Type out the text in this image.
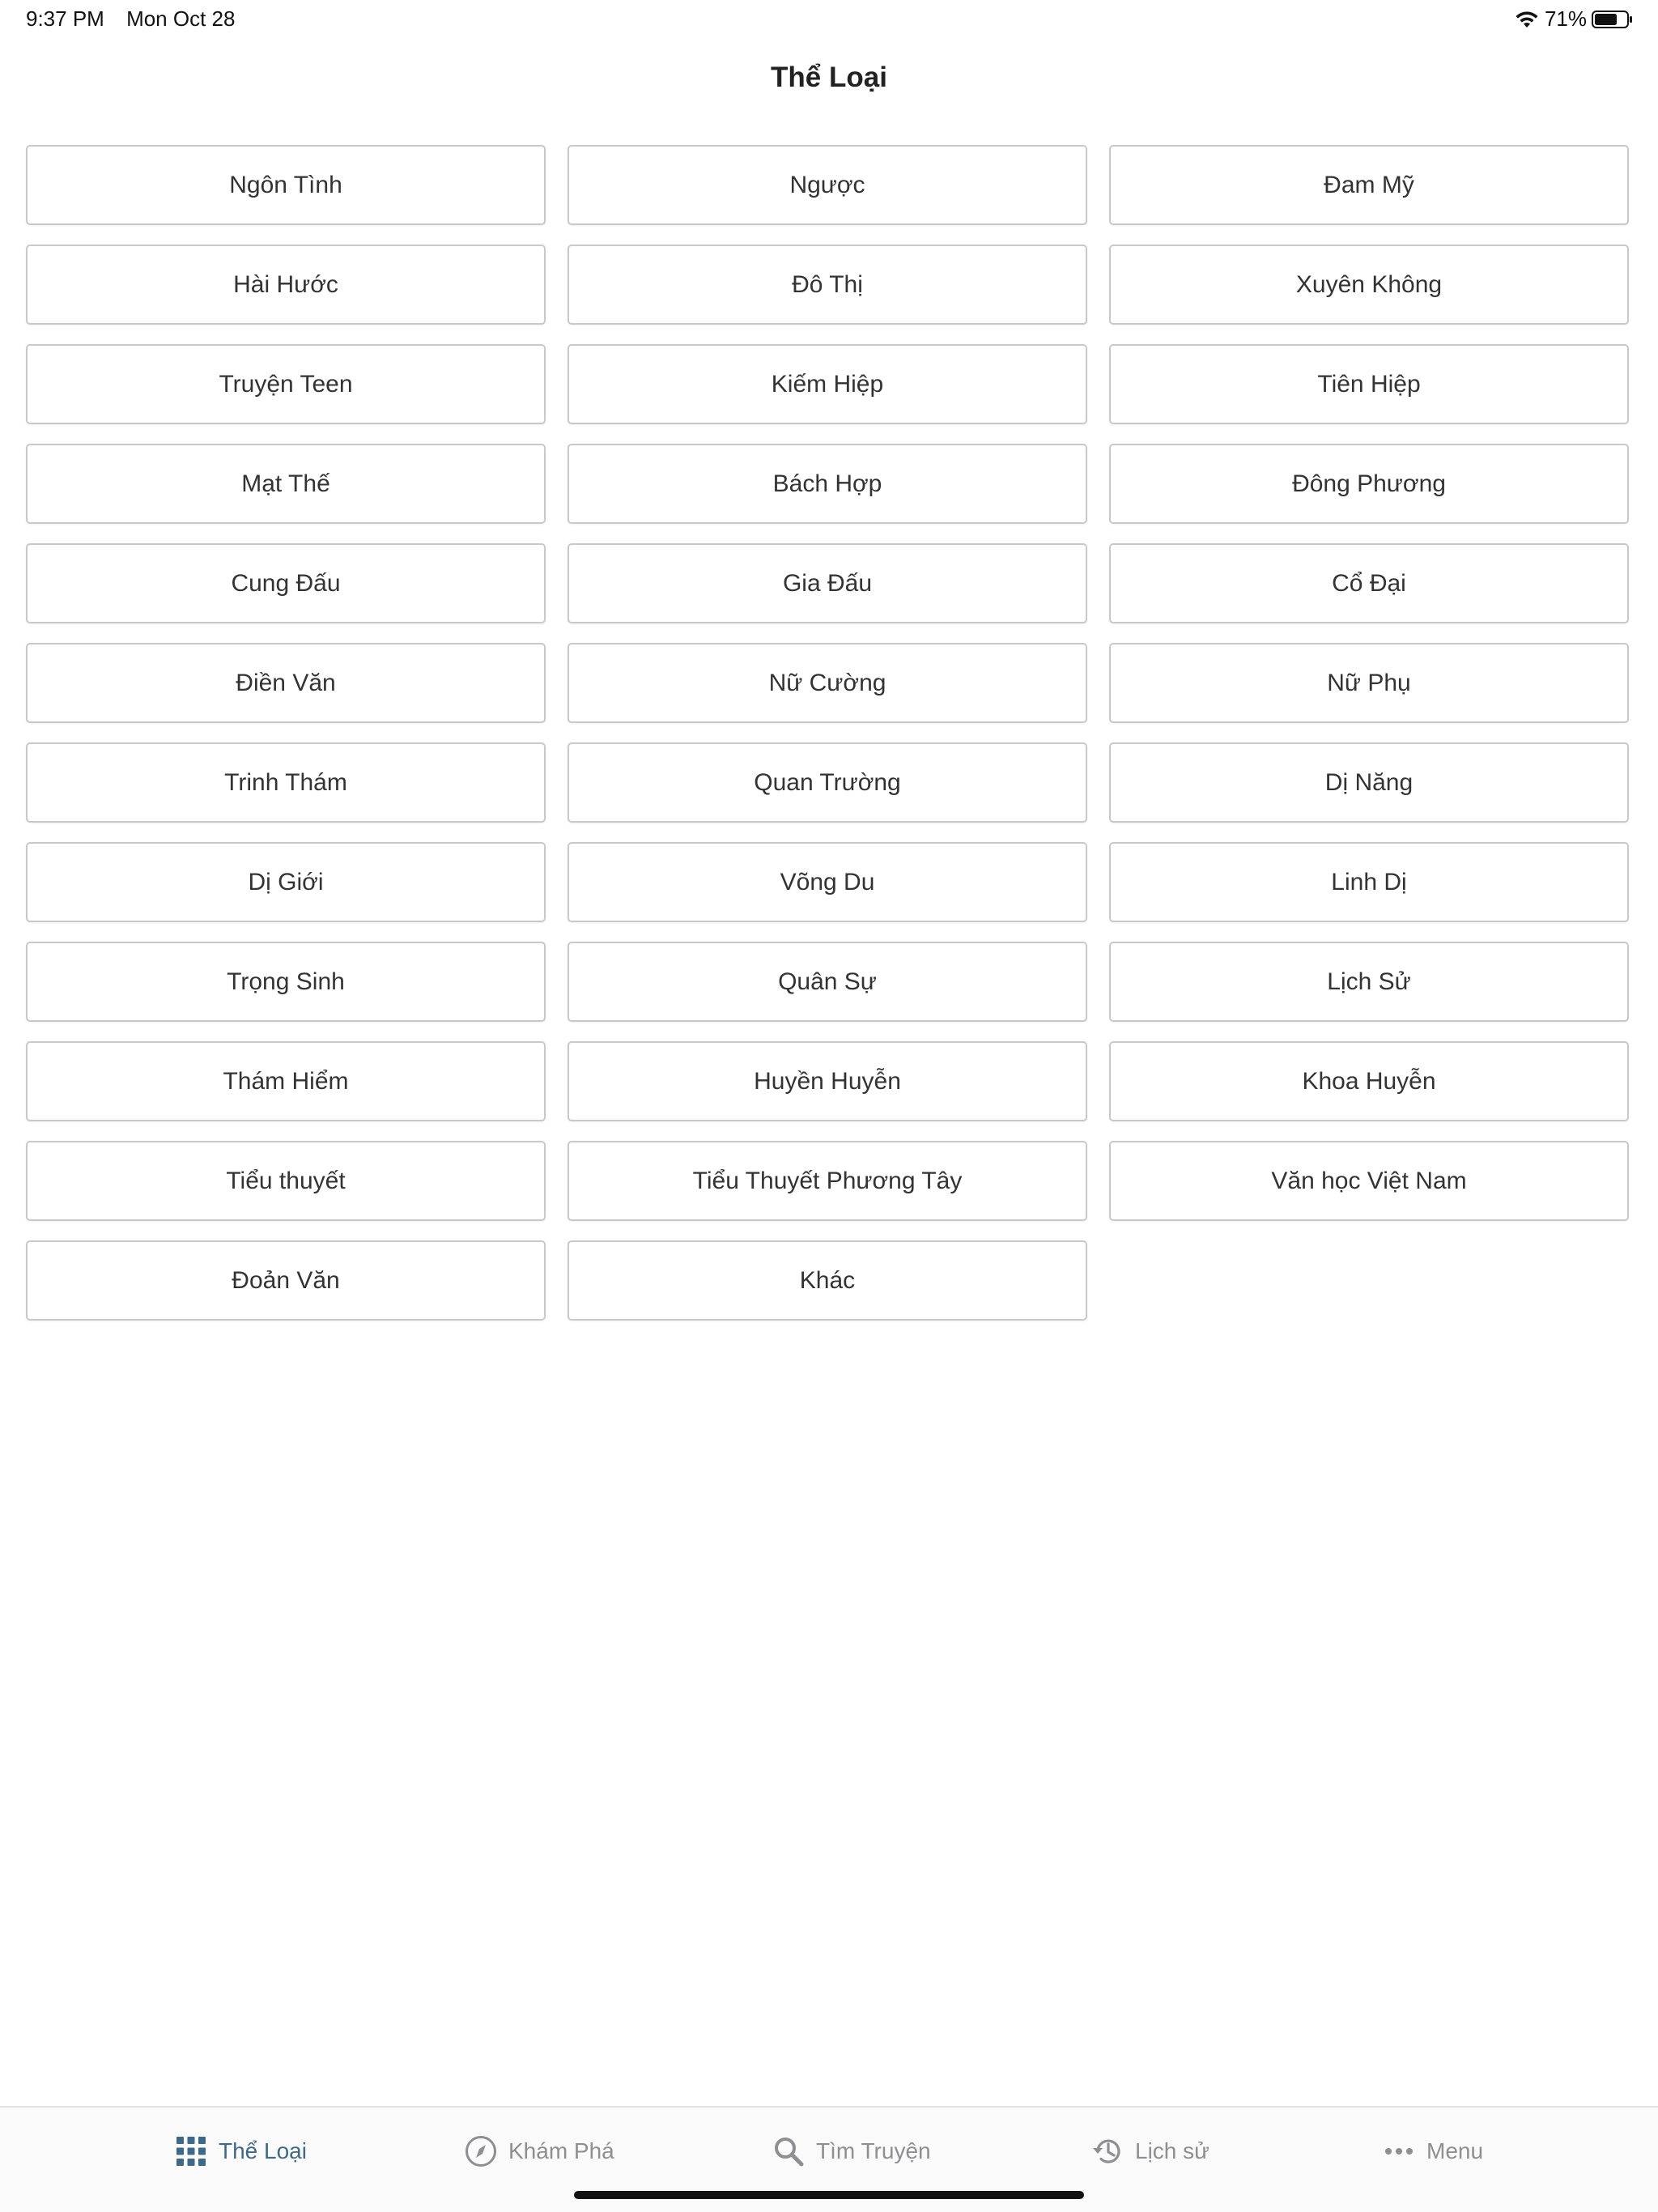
9:37 PM Mon Oct 28	71%
Thể Loại
Ngôn Tình	Ngược	Đam Mỹ
Hài Hước	Đô Thị	Xuyên Không
Truyện Teen	Kiếm Hiệp	Tiên Hiệp
Mạt Thế	Bách Hợp	Đông Phương
Cung Đấu	Gia Đấu	Cổ Đại
Điền Văn	Nữ Cường	Nữ Phụ
Trinh Thám	Quan Trường	Dị Năng
Dị Giới	Võng Du	Linh Dị
Trọng Sinh	Quân Sự	Lịch Sử
Thám Hiểm	Huyền Huyễn	Khoa Huyễn
Tiểu thuyết	Tiểu Thuyết Phương Tây	Văn học Việt Nam
Đoản Văn	Khác
Thể Loại	Khám Phá	Tìm Truyện	Lịch sử	Menu
